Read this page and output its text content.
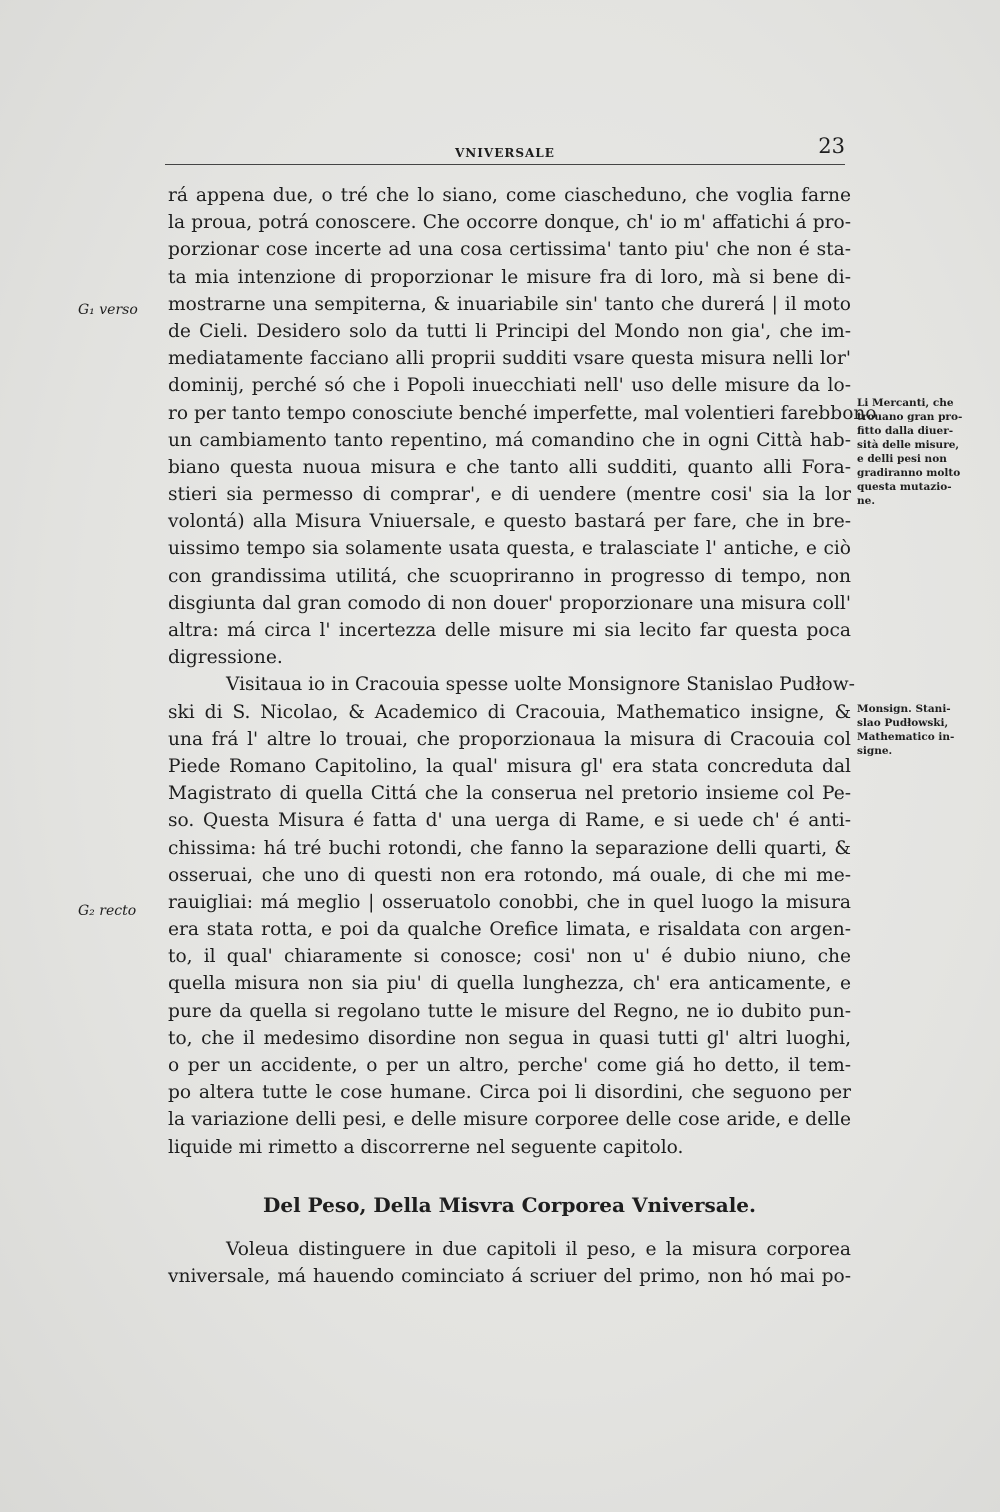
VNIVERSALE	23
G₁ verso
G₂ recto
rá appena due, o tré che lo siano, come ciascheduno, che voglia farne
la proua, potrá conoscere. Che occorre donque, ch' io m' affatichi á pro-
porzionar cose incerte ad una cosa certissima' tanto piu' che non é sta-
ta mia intenzione di proporzionar le misure fra di loro, mà si bene di-
mostrarne una sempiterna, & inuariabile sin' tanto che durerá | il moto
de Cieli. Desidero solo da tutti li Principi del Mondo non gia', che im-
mediatamente facciano alli proprii sudditi vsare questa misura nelli lor'
dominij, perché só che i Popoli inuecchiati nell' uso delle misure da lo-
ro per tanto tempo conosciute benché imperfette, mal volentieri farebbono
un cambiamento tanto repentino, má comandino che in ogni Città hab-
biano questa nuoua misura e che tanto alli sudditi, quanto alli Fora-
stieri sia permesso di comprar', e di uendere (mentre cosi' sia la lor
volontá) alla Misura Vniuersale, e questo bastará per fare, che in bre-
uissimo tempo sia solamente usata questa, e tralasciate l' antiche, e ciò
con grandissima utilitá, che scuopriranno in progresso di tempo, non
disgiunta dal gran comodo di non douer' proporzionare una misura coll'
altra: má circa l' incertezza delle misure mi sia lecito far questa poca
digressione.
Visitaua io in Cracouia spesse uolte Monsignore Stanislao Pudłow-
ski di S. Nicolao, & Academico di Cracouia, Mathematico insigne, &
una frá l' altre lo trouai, che proporzionaua la misura di Cracouia col
Piede Romano Capitolino, la qual' misura gl' era stata concreduta dal
Magistrato di quella Cittá che la conserua nel pretorio insieme col Pe-
so. Questa Misura é fatta d' una uerga di Rame, e si uede ch' é anti-
chissima: há tré buchi rotondi, che fanno la separazione delli quarti, &
osseruai, che uno di questi non era rotondo, má ouale, di che mi me-
rauigliai: má meglio | osseruatolo conobbi, che in quel luogo la misura
era stata rotta, e poi da qualche Orefice limata, e risaldata con argen-
to, il qual' chiaramente si conosce; cosi' non u' é dubio niuno, che
quella misura non sia piu' di quella lunghezza, ch' era anticamente, e
pure da quella si regolano tutte le misure del Regno, ne io dubito pun-
to, che il medesimo disordine non segua in quasi tutti gl' altri luoghi,
o per un accidente, o per un altro, perche' come giá ho detto, il tem-
po altera tutte le cose humane. Circa poi li disordini, che seguono per
la variazione delli pesi, e delle misure corporee delle cose aride, e delle
liquide mi rimetto a discorrerne nel seguente capitolo.
Li Mercanti, che
trouano gran pro-
fitto dalla diuer-
sità delle misure,
e delli pesi non
gradiranno molto
questa mutazio-
ne.
Monsign. Stani-
slao Pudłowski,
Mathematico in-
signe.
Del Peso, Della Misvra Corporea Vniversale.
Voleua distinguere in due capitoli il peso, e la misura corporea
vniversale, má hauendo cominciato á scriuer del primo, non hó mai po-
